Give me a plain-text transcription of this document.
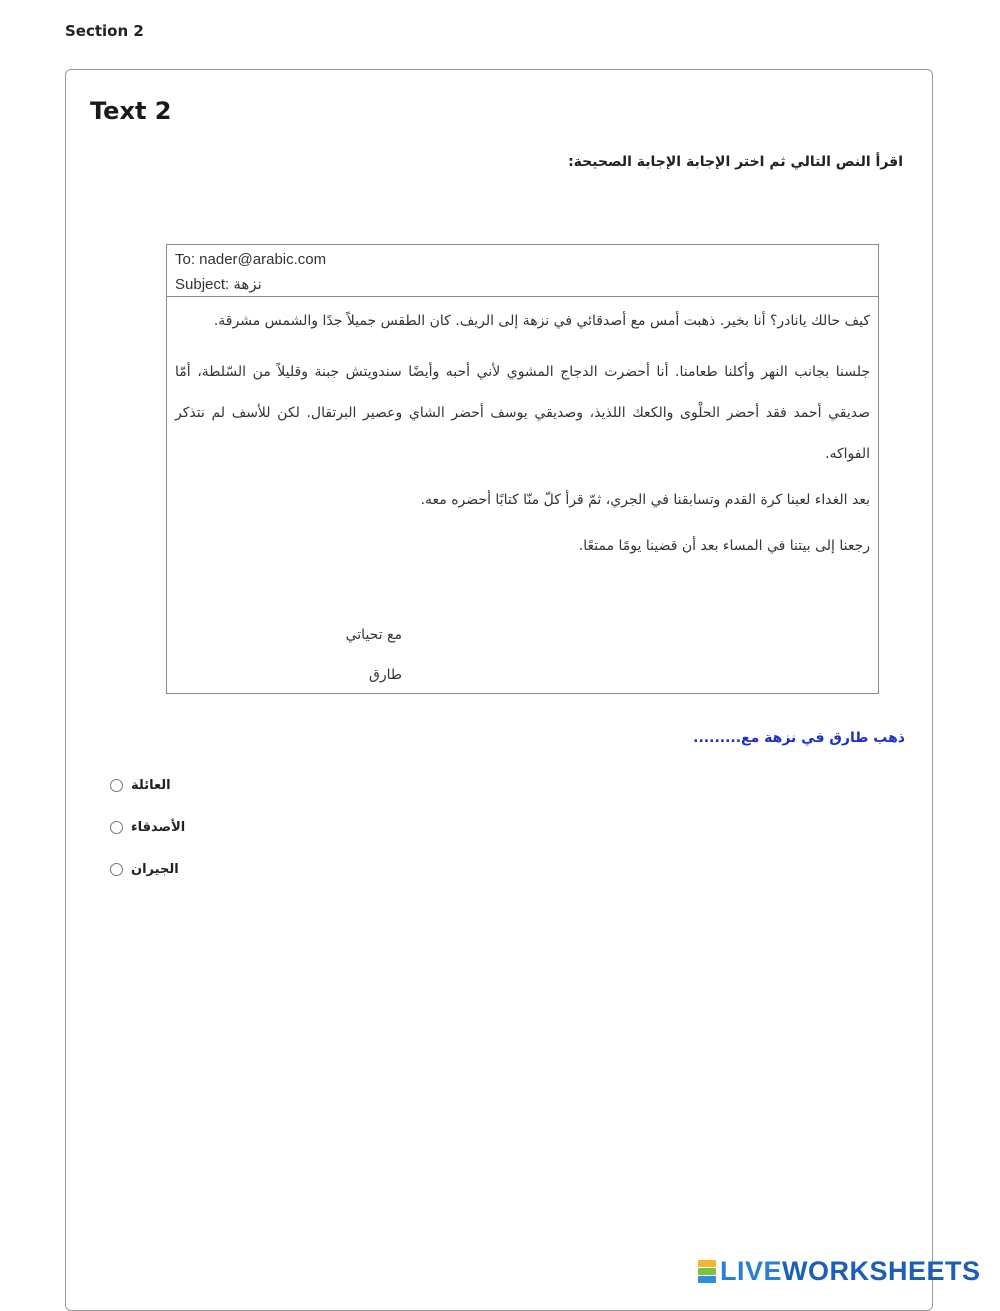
Section 2
Text 2
اقرأ النص التالي ثم اختر الإجابة الإجابة الصحيحة:
To: nader@arabic.com
Subject: نزهة

كيف حالك يانادر؟ أنا بخير. ذهبت أمس مع أصدقائي في نزهة إلى الريف. كان الطقس جميلاً جدًا والشمس مشرقة.

جلسنا بجانب النهر وأكلنا طعامنا. أنا أحضرت الدجاج المشوي لأني أحبه وأيضًا سندويتش جبنة وقليلاً من السّلطة، أمّا صديقي أحمد فقد أحضر الحلْوى والكعك اللذيذ، وصديقي يوسف أحضر الشاي وعصير البرتقال. لكن للأسف لم نتذكر الفواكه.

بعد الغداء لعبنا كرة القدم وتسابقنا في الجري، ثمّ قرأ كلّ منّا كتابًا أحضره معه.

رجعنا إلى بيتنا في المساء بعد أن قضينا يومًا ممتعًا.

مع تحياتي
طارق
ذهب طارق في نزهة مع.........
العائلة
الأصدقاء
الجيران
LIVEWORKSHEETS
